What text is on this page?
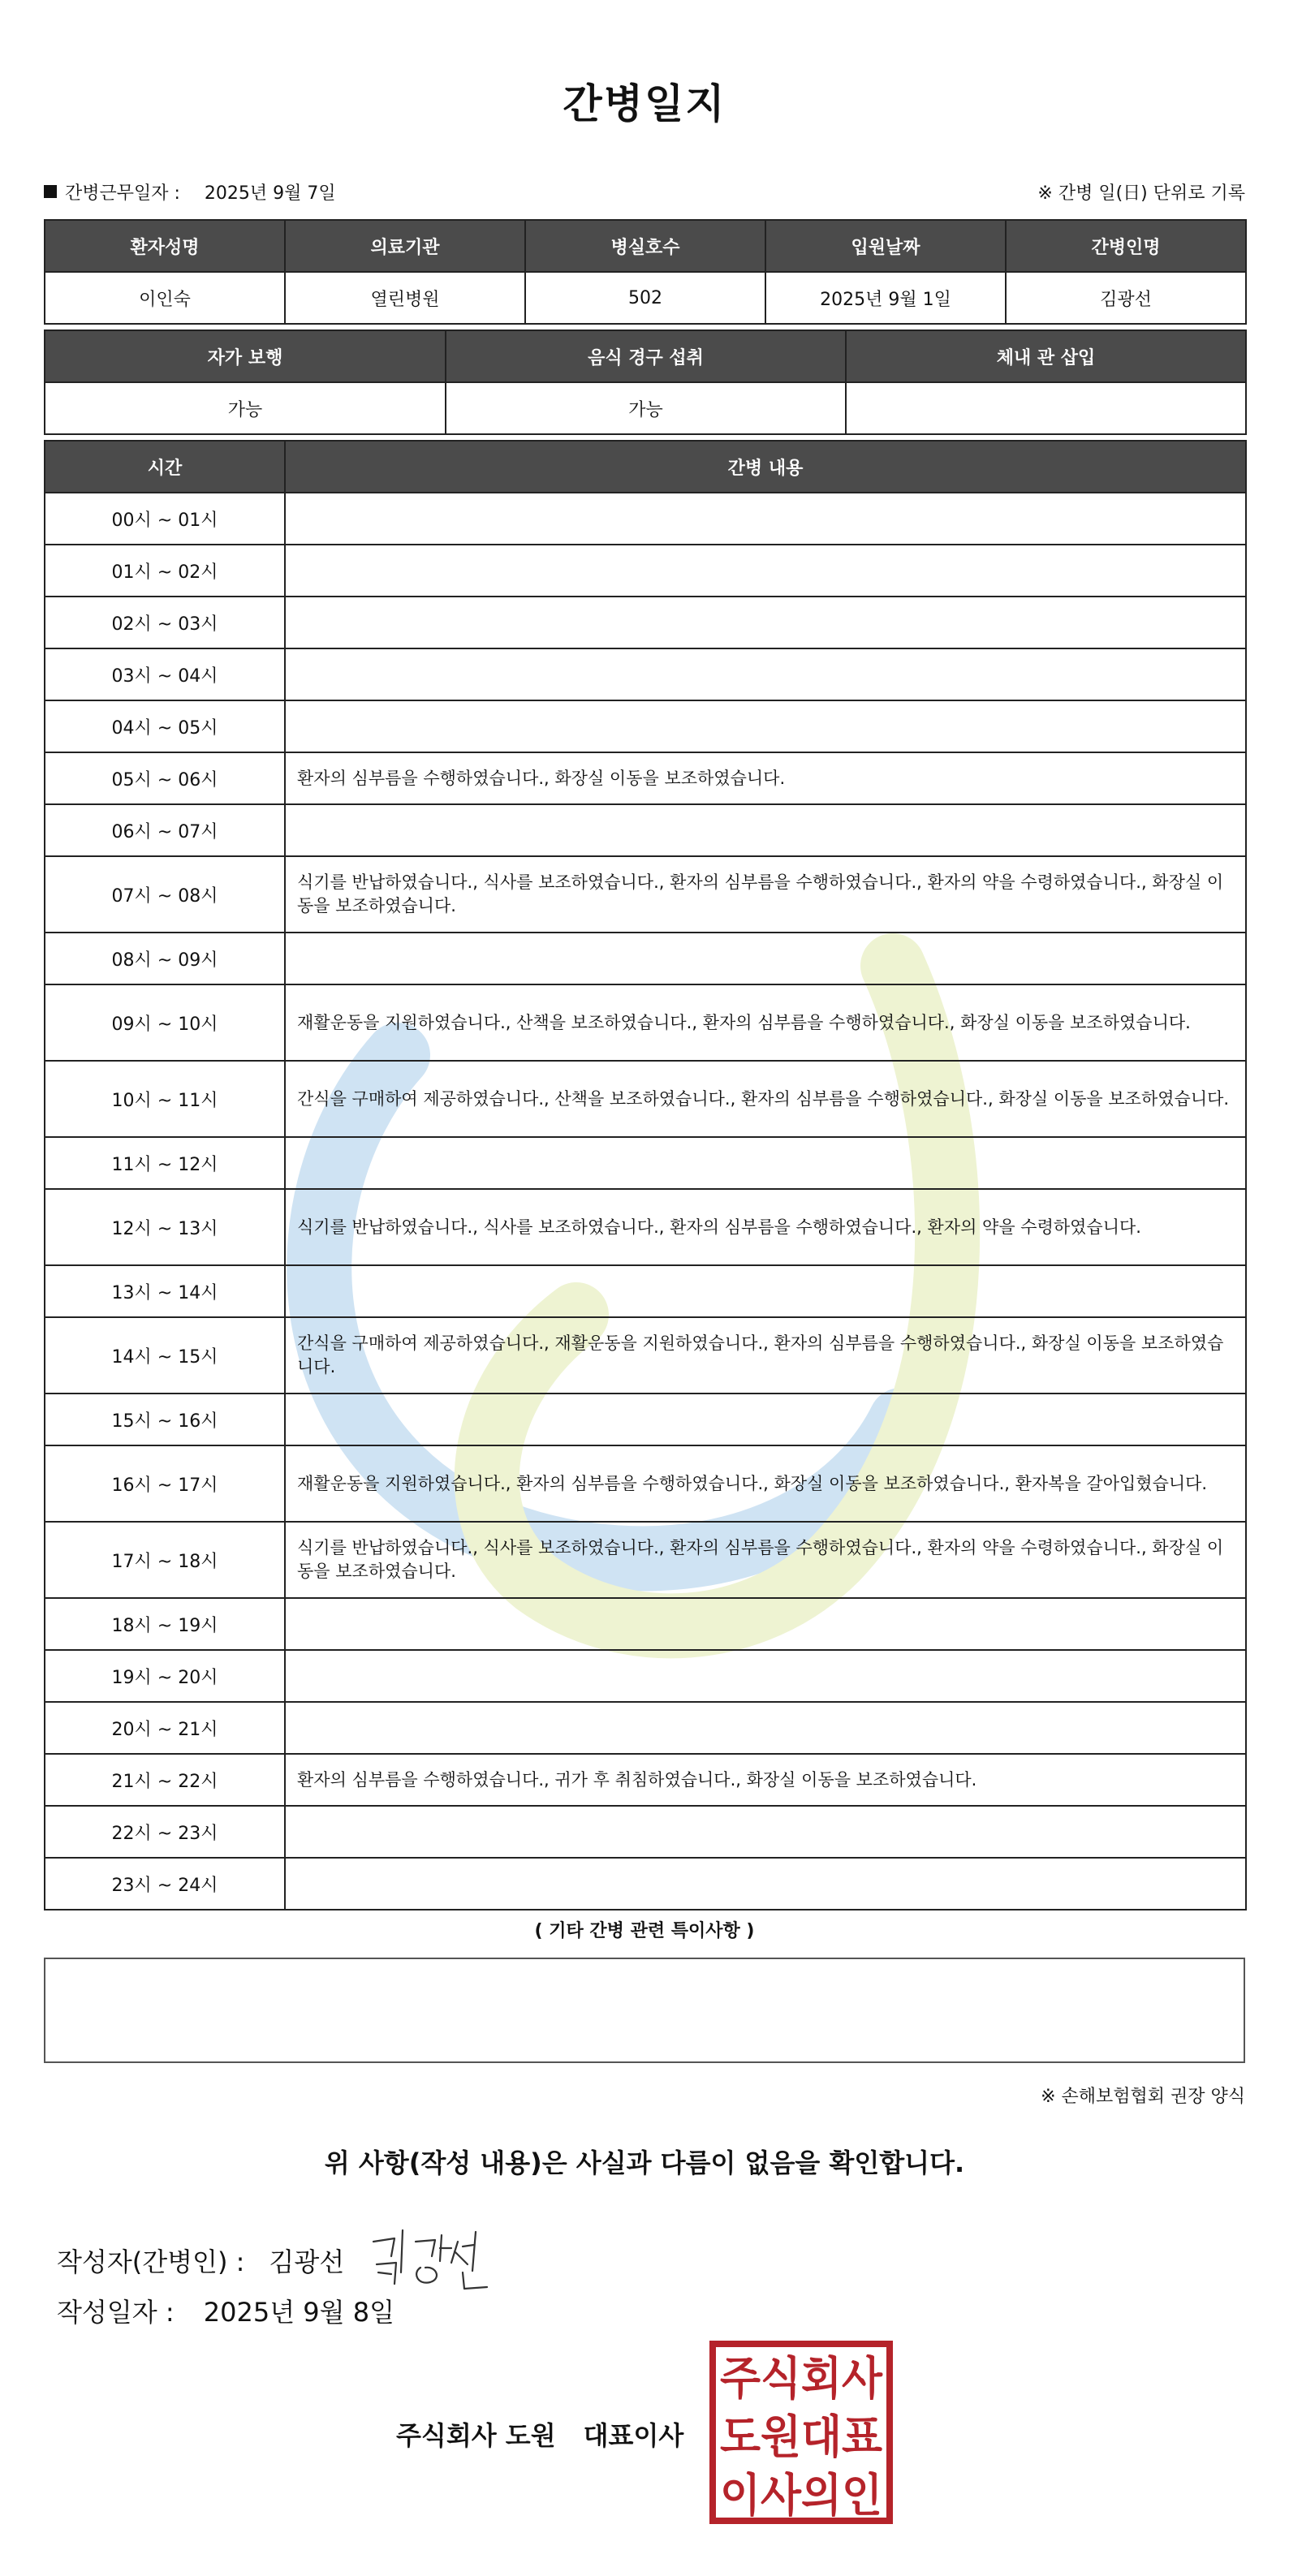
간병일지
간병근무일자 : 2025년 9월 7일	※ 간병 일(日) 단위로 기록
환자성명	의료기관	병실호수	입원날짜	간병인명
이인숙	열린병원	502	2025년 9월 1일	김광선
자가 보행	음식 경구 섭취	체내 관 삽입
가능	가능	
시간	간병 내용
00시 ~ 01시	
01시 ~ 02시	
02시 ~ 03시	
03시 ~ 04시	
04시 ~ 05시	
05시 ~ 06시	환자의 심부름을 수행하였습니다., 화장실 이동을 보조하였습니다.
06시 ~ 07시	
07시 ~ 08시	식기를 반납하였습니다., 식사를 보조하였습니다., 환자의 심부름을 수행하였습니다., 환자의 약을 수령하였습니다., 화장실 이동을 보조하였습니다.
08시 ~ 09시	
09시 ~ 10시	재활운동을 지원하였습니다., 산책을 보조하였습니다., 환자의 심부름을 수행하였습니다., 화장실 이동을 보조하였습니다.
10시 ~ 11시	간식을 구매하여 제공하였습니다., 산책을 보조하였습니다., 환자의 심부름을 수행하였습니다., 화장실 이동을 보조하였습니다.
11시 ~ 12시	
12시 ~ 13시	식기를 반납하였습니다., 식사를 보조하였습니다., 환자의 심부름을 수행하였습니다., 환자의 약을 수령하였습니다.
13시 ~ 14시	
14시 ~ 15시	간식을 구매하여 제공하였습니다., 재활운동을 지원하였습니다., 환자의 심부름을 수행하였습니다., 화장실 이동을 보조하였습니다.
15시 ~ 16시	
16시 ~ 17시	재활운동을 지원하였습니다., 환자의 심부름을 수행하였습니다., 화장실 이동을 보조하였습니다., 환자복을 갈아입혔습니다.
17시 ~ 18시	식기를 반납하였습니다., 식사를 보조하였습니다., 환자의 심부름을 수행하였습니다., 환자의 약을 수령하였습니다., 화장실 이동을 보조하였습니다.
18시 ~ 19시	
19시 ~ 20시	
20시 ~ 21시	
21시 ~ 22시	환자의 심부름을 수행하였습니다., 귀가 후 취침하였습니다., 화장실 이동을 보조하였습니다.
22시 ~ 23시	
23시 ~ 24시	
( 기타 간병 관련 특이사항 )
※ 손해보험협회 권장 양식
위 사항(작성 내용)은 사실과 다름이 없음을 확인합니다.
작성자(간병인) : 김광선
작성일자 : 2025년 9월 8일
주식회사 도원 대표이사
주식회사
도원대표
이사의인
